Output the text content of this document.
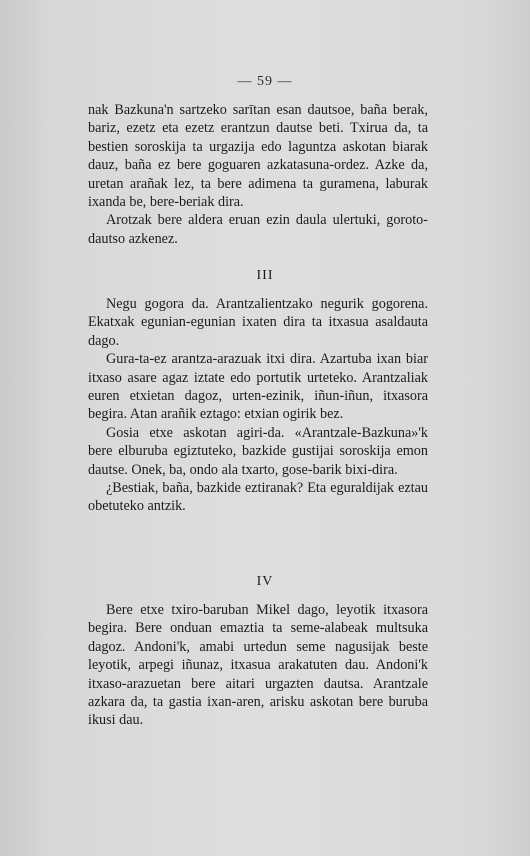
— 59 —

nak Bazkuna'n sartzeko sarītan esan dautsoe, baña berak, bariz, ezetz eta ezetz erantzun dautse beti. Txirua da, ta bestien soroskija ta urgazija edo laguntza askotan biarak dauz, baña ez bere goguaren azkatasuna-ordez. Azke da, uretan arañak lez, ta bere adimena ta guramena, laburak ixanda be, bere-beriak dira.

Arotzak bere aldera eruan ezin daula ulertuki, gorоto-dautso azkenez.

III

Negu gogora da. Arantzalientzako negurik gogorena. Ekatxak egunian-egunian ixaten dira ta itxasua asaldauta dago.

Gura-ta-ez arantza-arazuak itxi dira. Azartuba ixan biar itxaso asare agaz iztate edo portutik urteteko. Arantzaliak euren etxietan dagoz, urten-ezinik, iñun-iñun, itxasora begira. Atan arañik eztago: etxian ogirik bez.

Gosia etxe askotan agiri-da. «Arantzale-Bazkuna»'k bere elburuba egiztuteko, bazkide gustijai soroskija emon dautse. Onek, ba, ondo ala txarto, gose-barik bixi-dira.

¿Bestiak, baña, bazkide eztiranak? Eta eguraldijak eztau obetuteko antzik.

IV

Bere etxe txiro-baruban Mikel dago, leyotik itxasora begira. Bere onduan emaztia ta seme-alabeak multsuka dagoz. Andoni'k, amabi urtedun seme nagusijak beste leyotik, arpegi iñunaz, itxasua arakatuten dau. Andoni'k itxaso-arazuetan bere aitari urgazten dautsa. Arantzale azkara da, ta gastia ixan-aren, arisku askotan bere buruba ikusi dau.
